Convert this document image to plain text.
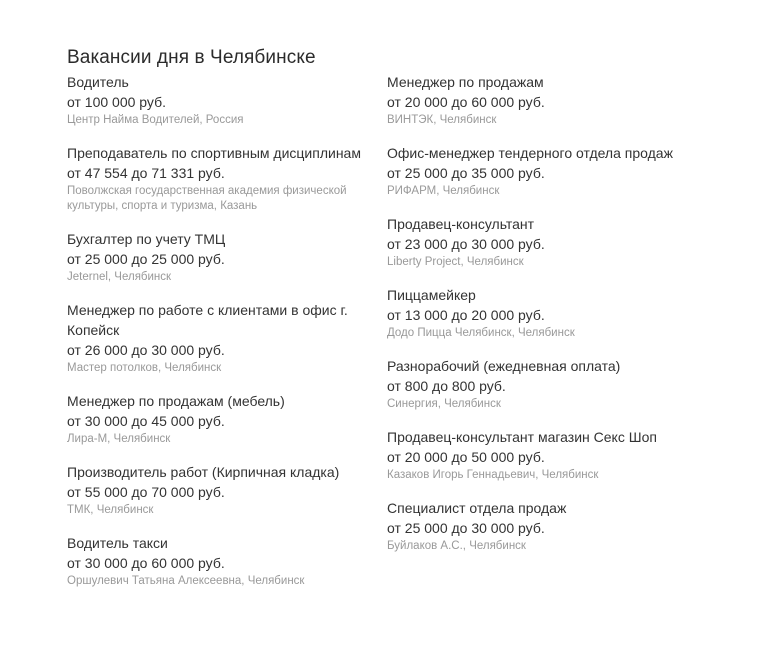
Вакансии дня в Челябинске
Водитель
от 100 000 руб.
Центр Найма Водителей, Россия
Преподаватель по спортивным дисциплинам
от 47 554 до 71 331 руб.
Поволжская государственная академия физической культуры, спорта и туризма, Казань
Бухгалтер по учету ТМЦ
от 25 000 до 25 000 руб.
Jeternel, Челябинск
Менеджер по работе с клиентами в офис г. Копейск
от 26 000 до 30 000 руб.
Мастер потолков, Челябинск
Менеджер по продажам (мебель)
от 30 000 до 45 000 руб.
Лира-М, Челябинск
Производитель работ (Кирпичная кладка)
от 55 000 до 70 000 руб.
ТМК, Челябинск
Водитель такси
от 30 000 до 60 000 руб.
Оршулевич Татьяна Алексеевна, Челябинск
Менеджер по продажам
от 20 000 до 60 000 руб.
ВИНТЭК, Челябинск
Офис-менеджер тендерного отдела продаж
от 25 000 до 35 000 руб.
РИФАРМ, Челябинск
Продавец-консультант
от 23 000 до 30 000 руб.
Liberty Project, Челябинск
Пиццамейкер
от 13 000 до 20 000 руб.
Додо Пицца Челябинск, Челябинск
Разнорабочий (ежедневная оплата)
от 800 до 800 руб.
Синергия, Челябинск
Продавец-консультант магазин Секс Шоп
от 20 000 до 50 000 руб.
Казаков Игорь Геннадьевич, Челябинск
Специалист отдела продаж
от 25 000 до 30 000 руб.
Буйлаков А.С., Челябинск
